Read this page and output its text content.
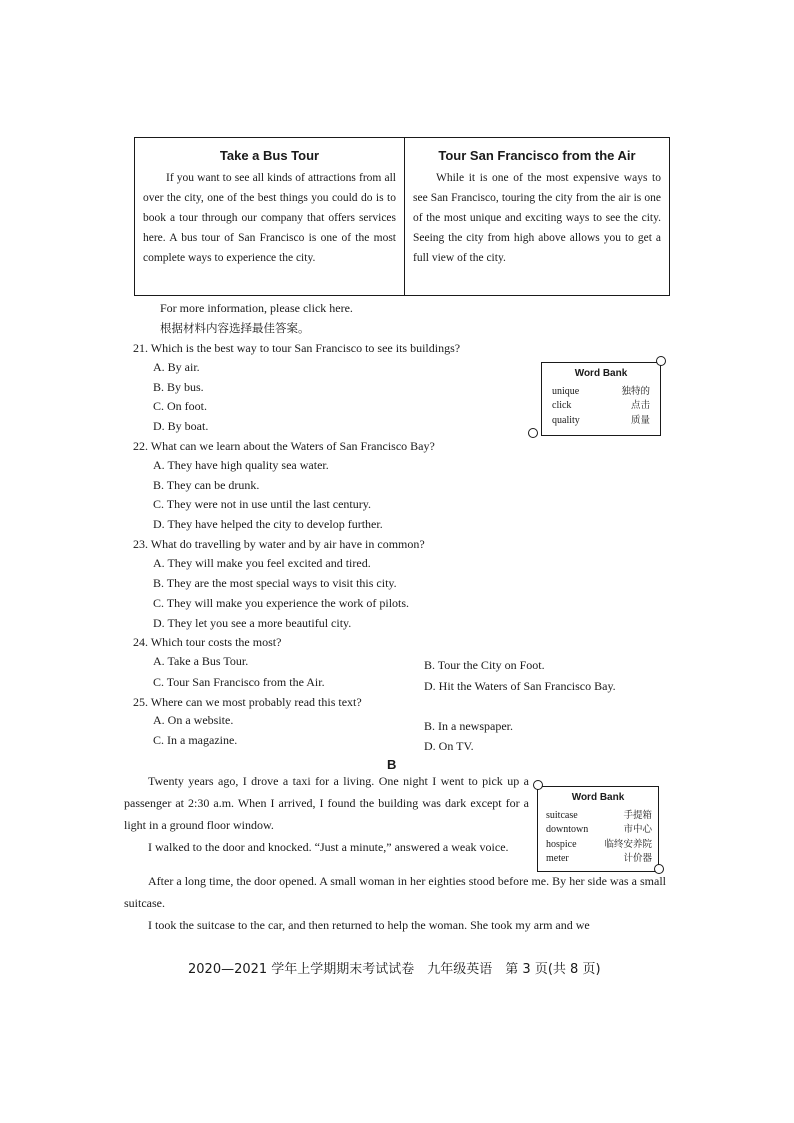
Take a Bus Tour

If you want to see all kinds of attractions from all over the city, one of the best things you could do is to book a tour through our company that offers services here. A bus tour of San Francisco is one of the most complete ways to experience the city.

Tour San Francisco from the Air

While it is one of the most expensive ways to see San Francisco, touring the city from the air is one of the most unique and exciting ways to see the city. Seeing the city from high above allows you to get a full view of the city.

For more information, please click here.
根据材料内容选择最佳答案。
21. Which is the best way to tour San Francisco to see its buildings?
A. By air.
B. By bus.
C. On foot.
D. By boat.
Word Bank
unique	独特的
click	点击
quality	质量
22. What can we learn about the Waters of San Francisco Bay?
A. They have high quality sea water.
B. They can be drunk.
C. They were not in use until the last century.
D. They have helped the city to develop further.
23. What do travelling by water and by air have in common?
A. They will make you feel excited and tired.
B. They are the most special ways to visit this city.
C. They will make you experience the work of pilots.
D. They let you see a more beautiful city.
24. Which tour costs the most?
A. Take a Bus Tour.	B. Tour the City on Foot.
C. Tour San Francisco from the Air.	D. Hit the Waters of San Francisco Bay.
25. Where can we most probably read this text?
A. On a website.	B. In a newspaper.
C. In a magazine.	D. On TV.
B

Twenty years ago, I drove a taxi for a living. One night I went to pick up a passenger at 2:30 a.m. When I arrived, I found the building was dark except for a light in a ground floor window.

I walked to the door and knocked. “Just a minute,” answered a weak voice.

Word Bank
suitcase	手提箱
downtown	市中心
hospice	临终安养院
meter	计价器

After a long time, the door opened. A small woman in her eighties stood before me. By her side was a small suitcase.

I took the suitcase to the car, and then returned to help the woman. She took my arm and we

2020—2021 学年上学期期末考试试卷　九年级英语　第 3 页(共 8 页)
